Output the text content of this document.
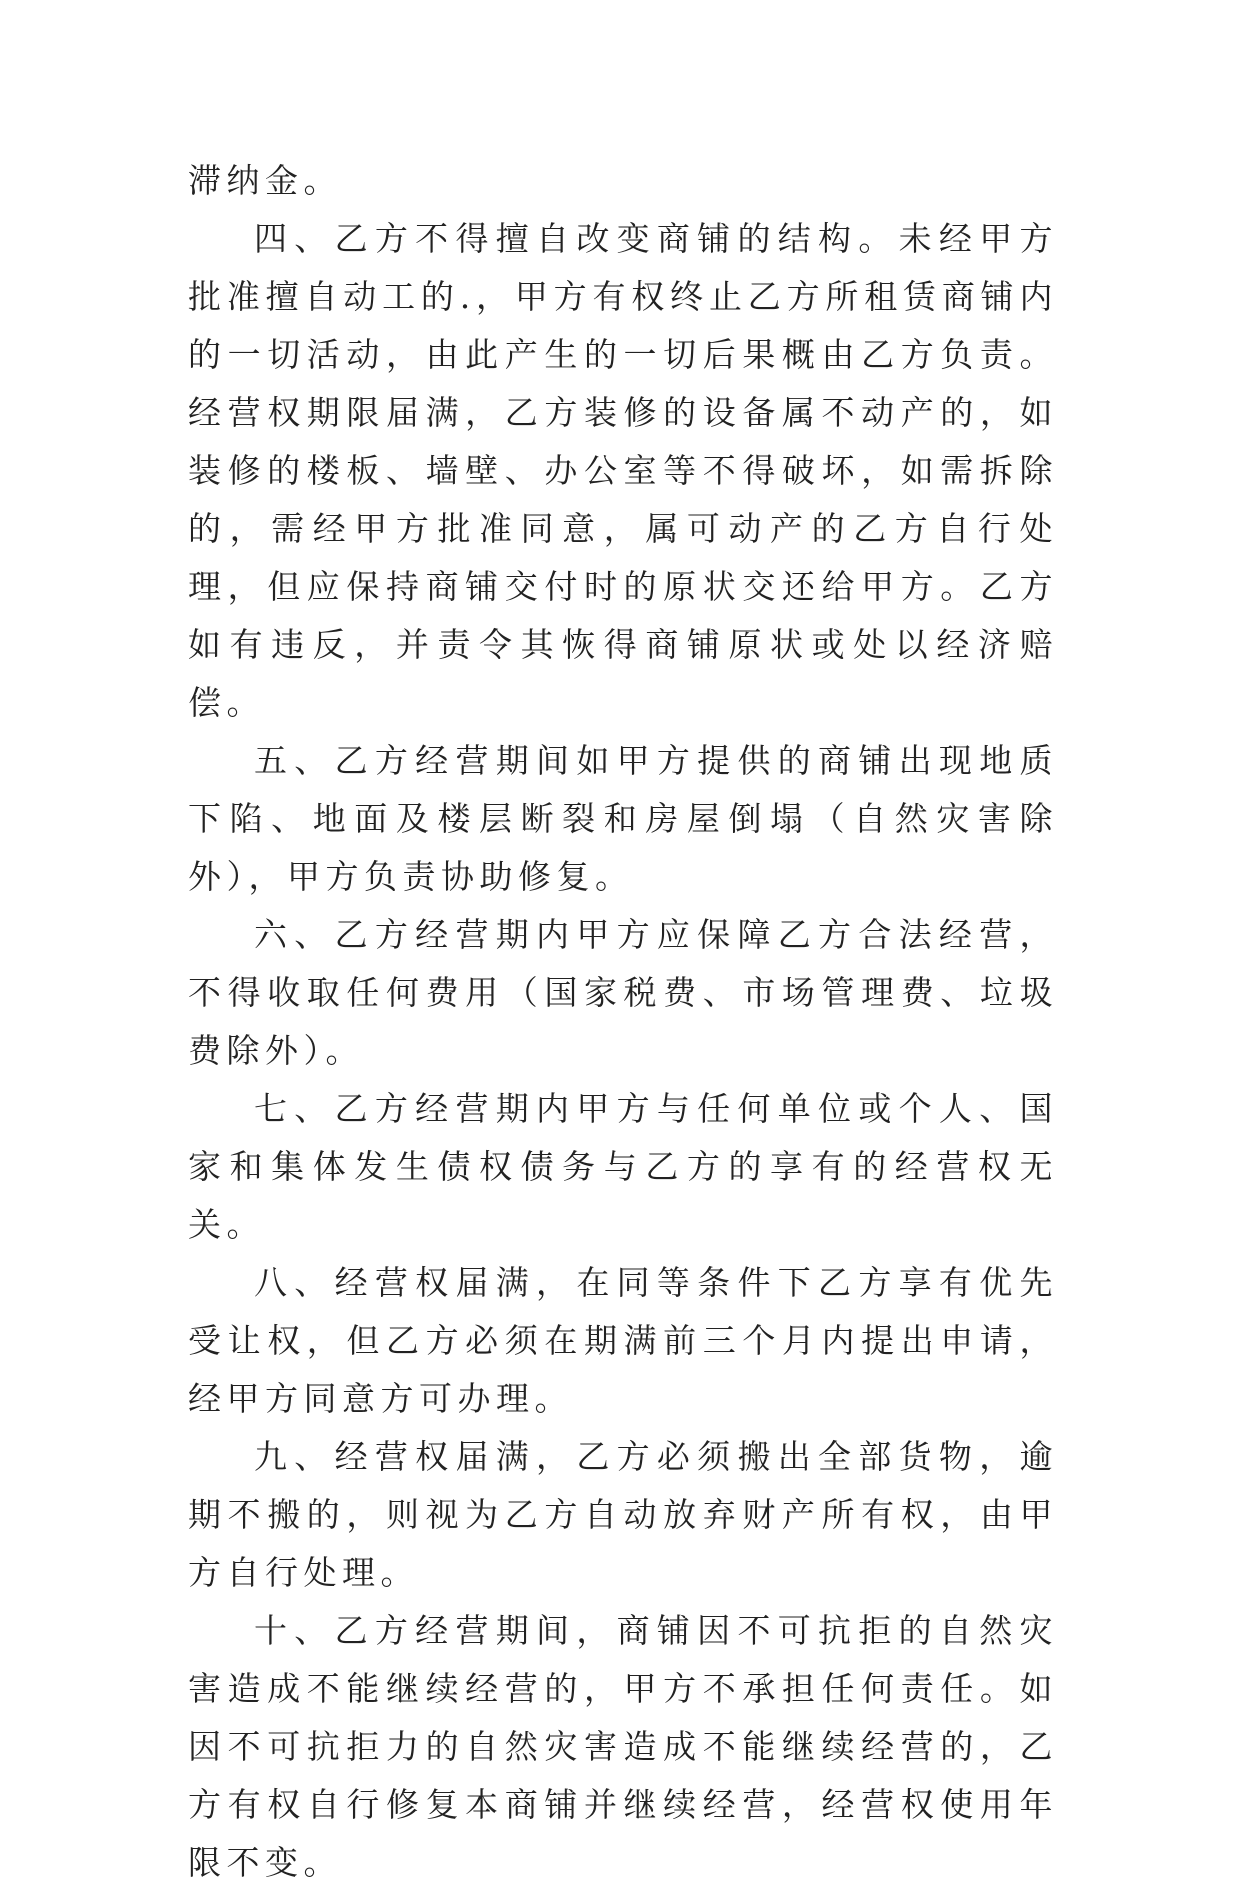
滞纳金。

四、乙方不得擅自改变商铺的结构。未经甲方批准擅自动工的.，甲方有权终止乙方所租赁商铺内的一切活动，由此产生的一切后果概由乙方负责。经营权期限届满，乙方装修的设备属不动产的，如装修的楼板、墙壁、办公室等不得破坏，如需拆除的，需经甲方批准同意，属可动产的乙方自行处理，但应保持商铺交付时的原状交还给甲方。乙方如有违反，并责令其恢得商铺原状或处以经济赔偿。

五、乙方经营期间如甲方提供的商铺出现地质下陷、地面及楼层断裂和房屋倒塌（自然灾害除外），甲方负责协助修复。

六、乙方经营期内甲方应保障乙方合法经营，不得收取任何费用（国家税费、市场管理费、垃圾费除外）。

七、乙方经营期内甲方与任何单位或个人、国家和集体发生债权债务与乙方的享有的经营权无关。

八、经营权届满，在同等条件下乙方享有优先受让权，但乙方必须在期满前三个月内提出申请，经甲方同意方可办理。

九、经营权届满，乙方必须搬出全部货物，逾期不搬的，则视为乙方自动放弃财产所有权，由甲方自行处理。

十、乙方经营期间，商铺因不可抗拒的自然灾害造成不能继续经营的，甲方不承担任何责任。如因不可抗拒力的自然灾害造成不能继续经营的，乙方有权自行修复本商铺并继续经营，经营权使用年限不变。
